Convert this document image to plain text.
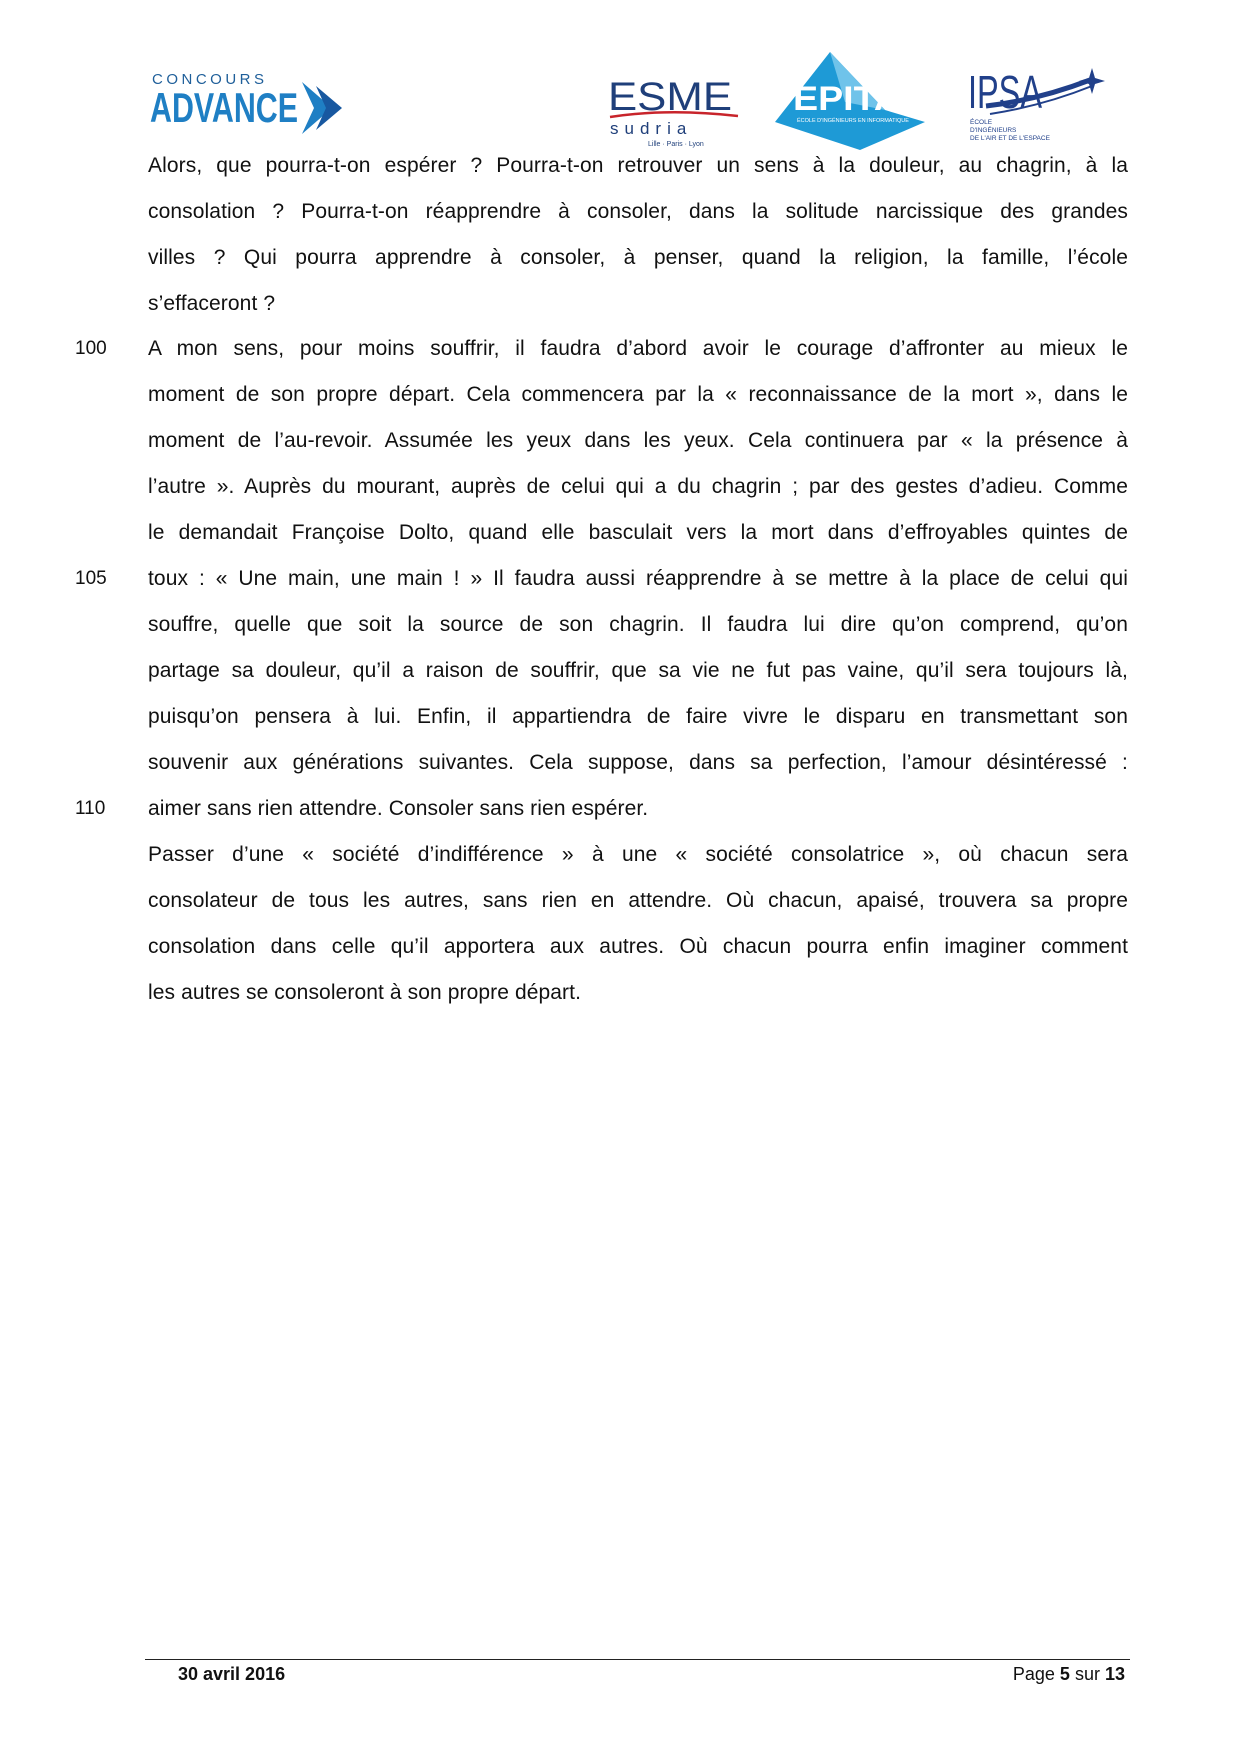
CONCOURS
ADVANCE	ESME
sudria
Lille · Paris · Lyon
EPITA
ÉCOLE D'INGÉNIEURS EN INFORMATIQUE
IPSA
ÉCOLE
D'INGÉNIEURS
DE L'AIR ET DE L'ESPACE
Alors, que pourra-t-on espérer ? Pourra-t-on retrouver un sens à la douleur, au chagrin, à la
consolation ? Pourra-t-on réapprendre à consoler, dans la solitude narcissique des grandes
villes ? Qui pourra apprendre à consoler, à penser, quand la religion, la famille, l’école
s’effaceront ?
A mon sens, pour moins souffrir, il faudra d’abord avoir le courage d’affronter au mieux le
moment de son propre départ. Cela commencera par la « reconnaissance de la mort », dans le
moment de l’au-revoir. Assumée les yeux dans les yeux. Cela continuera par « la présence à
l’autre ». Auprès du mourant, auprès de celui qui a du chagrin ; par des gestes d’adieu. Comme
le demandait Françoise Dolto, quand elle basculait vers la mort dans d’effroyables quintes de
toux : « Une main, une main ! » Il faudra aussi réapprendre à se mettre à la place de celui qui
souffre, quelle que soit la source de son chagrin. Il faudra lui dire qu’on comprend, qu’on
partage sa douleur, qu’il a raison de souffrir, que sa vie ne fut pas vaine, qu’il sera toujours là,
puisqu’on pensera à lui. Enfin, il appartiendra de faire vivre le disparu en transmettant son
souvenir aux générations suivantes. Cela suppose, dans sa perfection, l’amour désintéressé :
aimer sans rien attendre. Consoler sans rien espérer.
Passer d’une « société d’indifférence » à une « société consolatrice », où chacun sera
consolateur de tous les autres, sans rien en attendre. Où chacun, apaisé, trouvera sa propre
consolation dans celle qu’il apportera aux autres. Où chacun pourra enfin imaginer comment
les autres se consoleront à son propre départ.
100
105
110
30 avril 2016	Page 5 sur 13
